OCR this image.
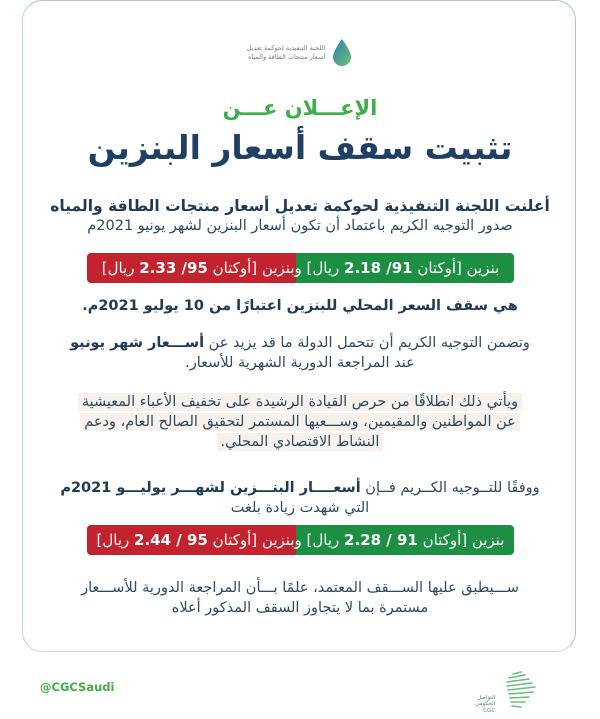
اللجنة التنفيذية لحوكمة تعديل
أسعار منتجات الطاقة والمياه
الإعـــلان عـــن
تثبيت سقف أسعار البنزين
أعلنت اللجنة التنفيذية لحوكمة تعديل أسعار منتجات الطاقة والمياه
صدور التوجيه الكريم باعتماد أن تكون أسعار البنزين لشهر يونيو 2021م
بنزين [أوكتان 91/ 2.18 ريال] وبنزين [أوكتان 95/ 2.33 ريال]
هي سقف السعر المحلي للبنزين اعتبارًا من 10 يوليو 2021م.
وتضمن التوجيه الكريم أن تتحمل الدولة ما قد يزيد عن أســـعار شهر يونيو
عند المراجعة الدورية الشهرية للأسعار.
ويأتي ذلك انطلاقًا من حرص القيادة الرشيدة على تخفيف الأعباء المعيشية
عن المواطنين والمقيمين، وســـعيها المستمر لتحقيق الصالح العام، ودعم
النشاط الاقتصادي المحلي.
ووفقًا للتــوجيه الكــريم فــإن أسعــــار البنـــزين لشهـــر يوليـــو 2021م
التي شهدت زيادة بلغت
بنزين [أوكتان 91 / 2.28 ريال] وبنزين [أوكتان 95 / 2.44 ريال]
ســـيطبق عليها الســـقف المعتمد، علمًا بـــأن المراجعة الدورية للأســـعار
مستمرة بما لا يتجاوز السقف المذكور أعلاه
@CGCSaudi
التواصل
الحكومي
CGC
